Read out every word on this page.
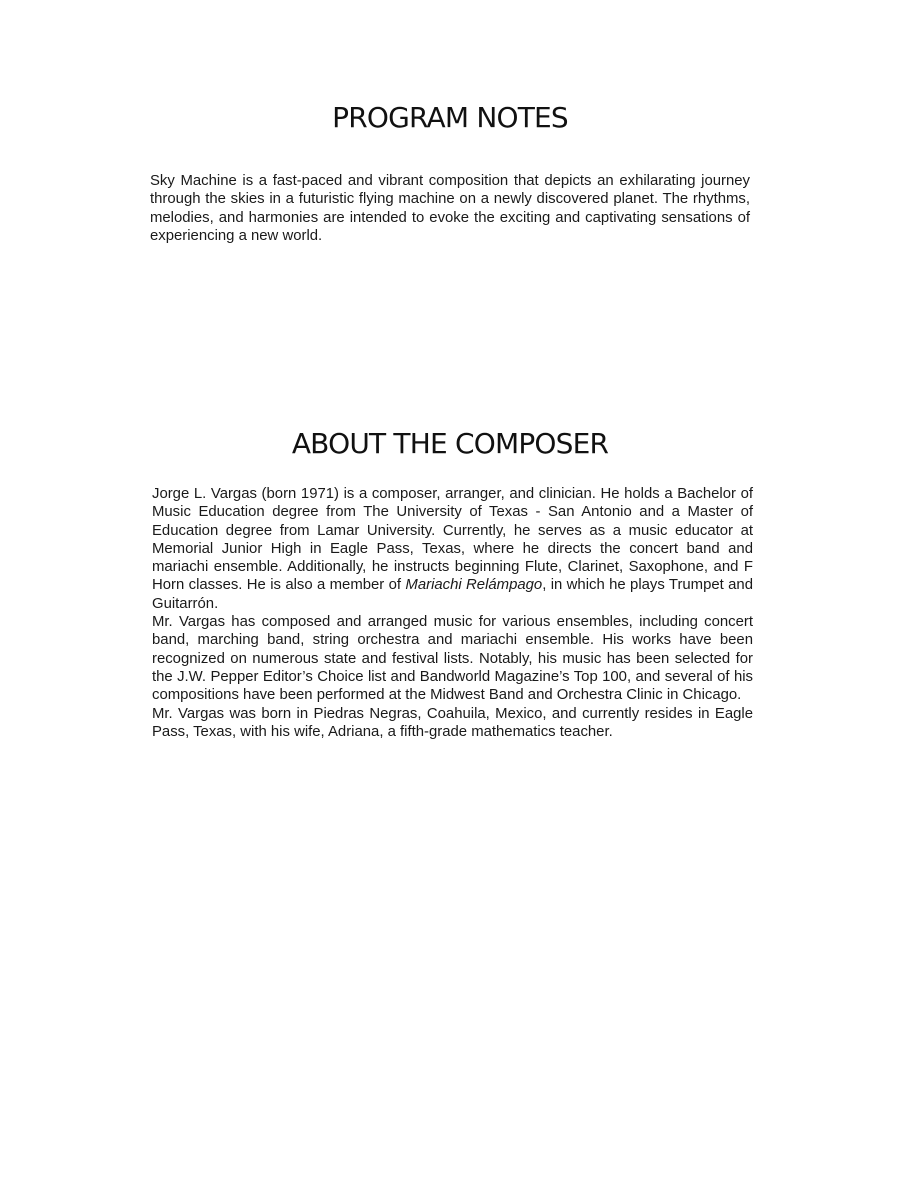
PROGRAM NOTES

Sky Machine is a fast-paced and vibrant composition that depicts an exhilarating journey through the skies in a futuristic flying machine on a newly discovered planet. The rhythms, melodies, and harmonies are intended to evoke the exciting and captivating sensations of experiencing a new world.

ABOUT THE COMPOSER

Jorge L. Vargas (born 1971) is a composer, arranger, and clinician. He holds a Bachelor of Music Education degree from The University of Texas - San Antonio and a Master of Education degree from Lamar University. Currently, he serves as a music educator at Memorial Junior High in Eagle Pass, Texas, where he directs the concert band and mariachi ensemble. Additionally, he instructs beginning Flute, Clarinet, Saxophone, and F Horn classes. He is also a member of Mariachi Relámpago, in which he plays Trumpet and Guitarrón.

Mr. Vargas has composed and arranged music for various ensembles, including concert band, marching band, string orchestra and mariachi ensemble. His works have been recognized on numerous state and festival lists. Notably, his music has been selected for the J.W. Pepper Editor’s Choice list and Bandworld Magazine’s Top 100, and several of his compositions have been performed at the Midwest Band and Orchestra Clinic in Chicago.

Mr. Vargas was born in Piedras Negras, Coahuila, Mexico, and currently resides in Eagle Pass, Texas, with his wife, Adriana, a fifth-grade mathematics teacher.
